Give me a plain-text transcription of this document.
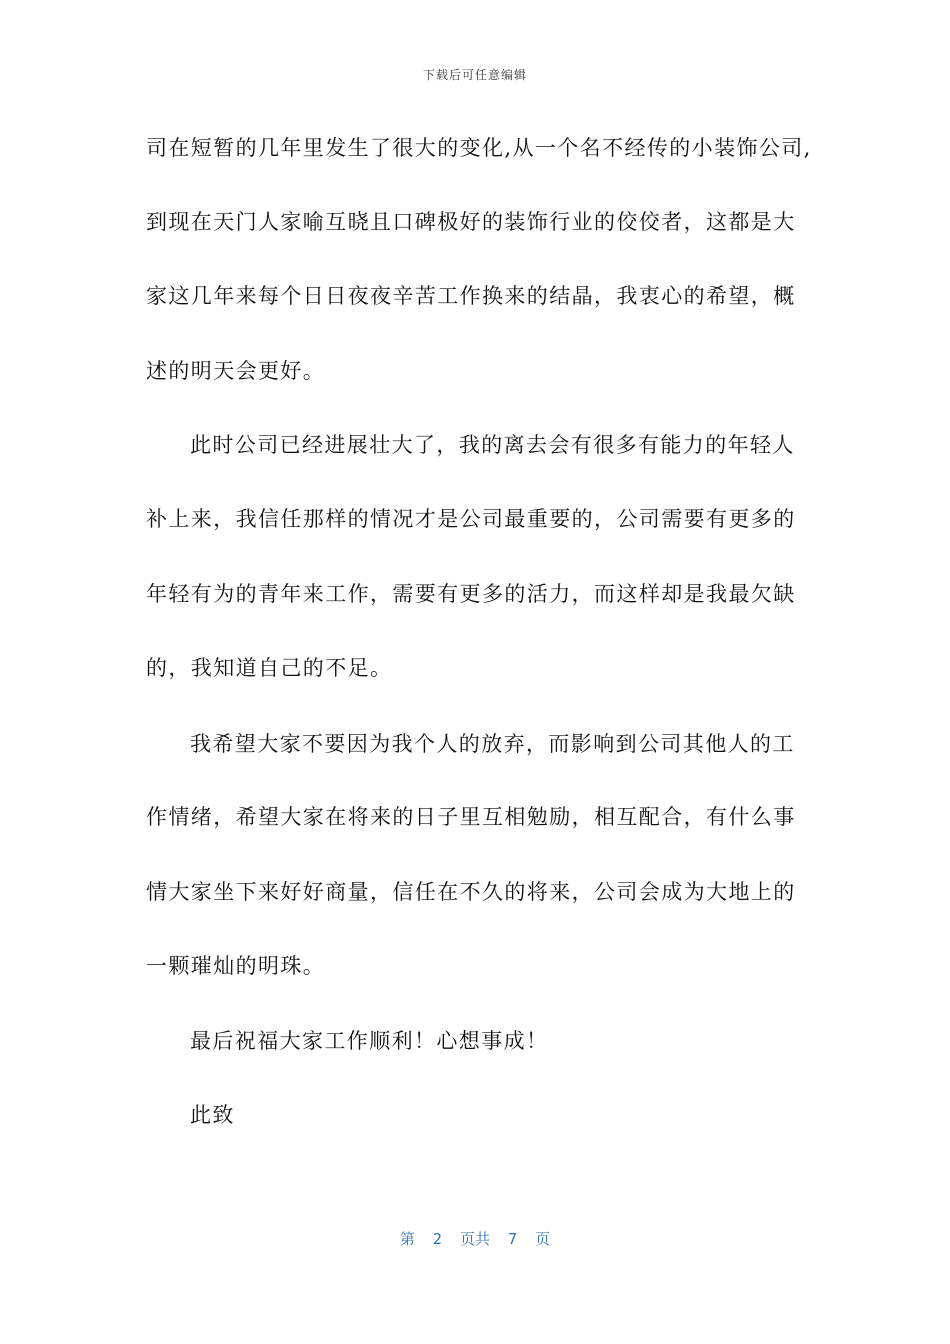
下载后可任意编辑
司在短暂的几年里发生了很大的变化,从一个名不经传的小装饰公司,
到现在天门人家喻互晓且口碑极好的装饰行业的佼佼者，这都是大
家这几年来每个日日夜夜辛苦工作换来的结晶，我衷心的希望，概
述的明天会更好。
此时公司已经进展壮大了，我的离去会有很多有能力的年轻人
补上来，我信任那样的情况才是公司最重要的，公司需要有更多的
年轻有为的青年来工作，需要有更多的活力，而这样却是我最欠缺
的，我知道自己的不足。
我希望大家不要因为我个人的放弃，而影响到公司其他人的工
作情绪，希望大家在将来的日子里互相勉励，相互配合，有什么事
情大家坐下来好好商量，信任在不久的将来，公司会成为大地上的
一颗璀灿的明珠。
最后祝福大家工作顺利！心想事成！
此致
第  2  页共  7  页
